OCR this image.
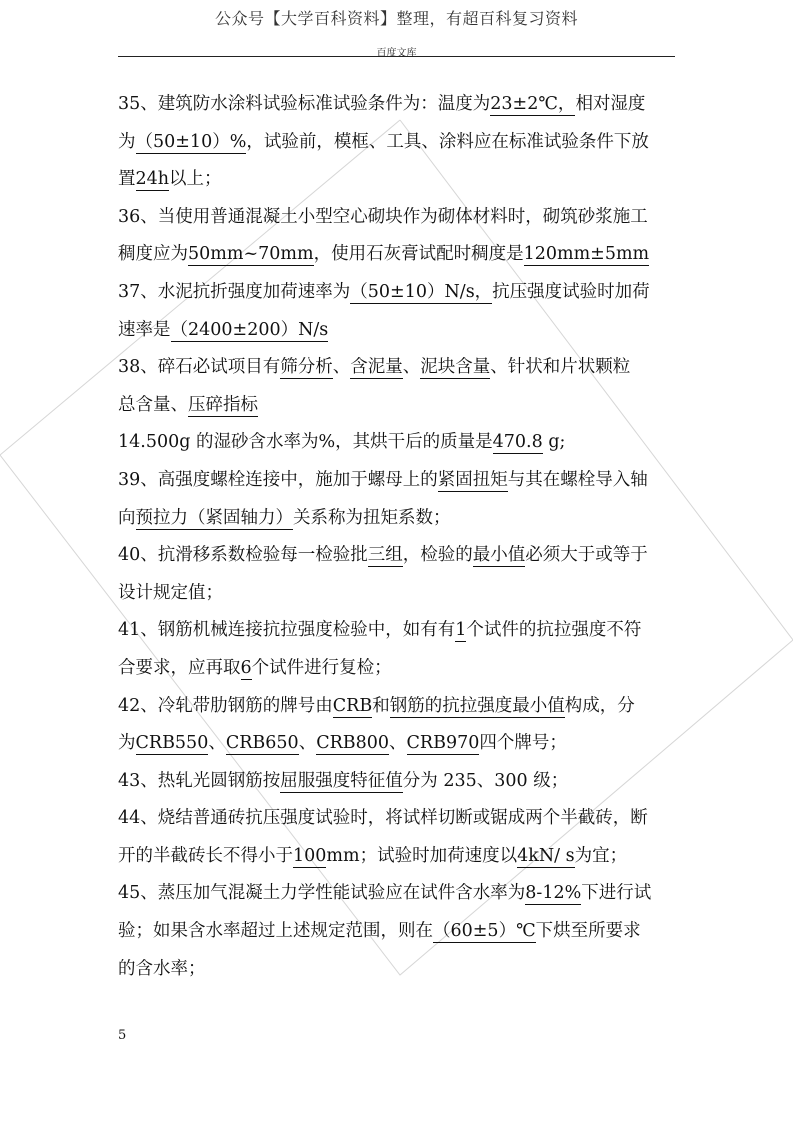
公众号【大学百科资料】整理，有超百科复习资料
百度文库
35、建筑防水涂料试验标准试验条件为：温度为23±2℃，相对湿度
为（50±10）%，试验前，模框、工具、涂料应在标准试验条件下放
置24h以上；
36、当使用普通混凝土小型空心砌块作为砌体材料时，砌筑砂浆施工
稠度应为50mm~70mm，使用石灰膏试配时稠度是120mm±5mm
37、水泥抗折强度加荷速率为（50±10）N/s，抗压强度试验时加荷
速率是（2400±200）N/s
38、碎石必试项目有筛分析、含泥量、泥块含量、针状和片状颗粒
总含量、压碎指标
14.500g 的湿砂含水率为%，其烘干后的质量是470.8 g;
39、高强度螺栓连接中，施加于螺母上的紧固扭矩与其在螺栓导入轴
向预拉力（紧固轴力）关系称为扭矩系数；
40、抗滑移系数检验每一检验批三组，检验的最小值必须大于或等于
设计规定值；
41、钢筋机械连接抗拉强度检验中，如有有1个试件的抗拉强度不符
合要求，应再取6个试件进行复检；
42、冷轧带肋钢筋的牌号由CRB和钢筋的抗拉强度最小值构成，分
为CRB550、CRB650、CRB800、CRB970四个牌号；
43、热轧光圆钢筋按屈服强度特征值分为 235、300 级；
44、烧结普通砖抗压强度试验时，将试样切断或锯成两个半截砖，断
开的半截砖长不得小于100mm；试验时加荷速度以4kN/ s为宜；
45、蒸压加气混凝土力学性能试验应在试件含水率为8-12%下进行试
验；如果含水率超过上述规定范围，则在（60±5）℃下烘至所要求
的含水率；
5
